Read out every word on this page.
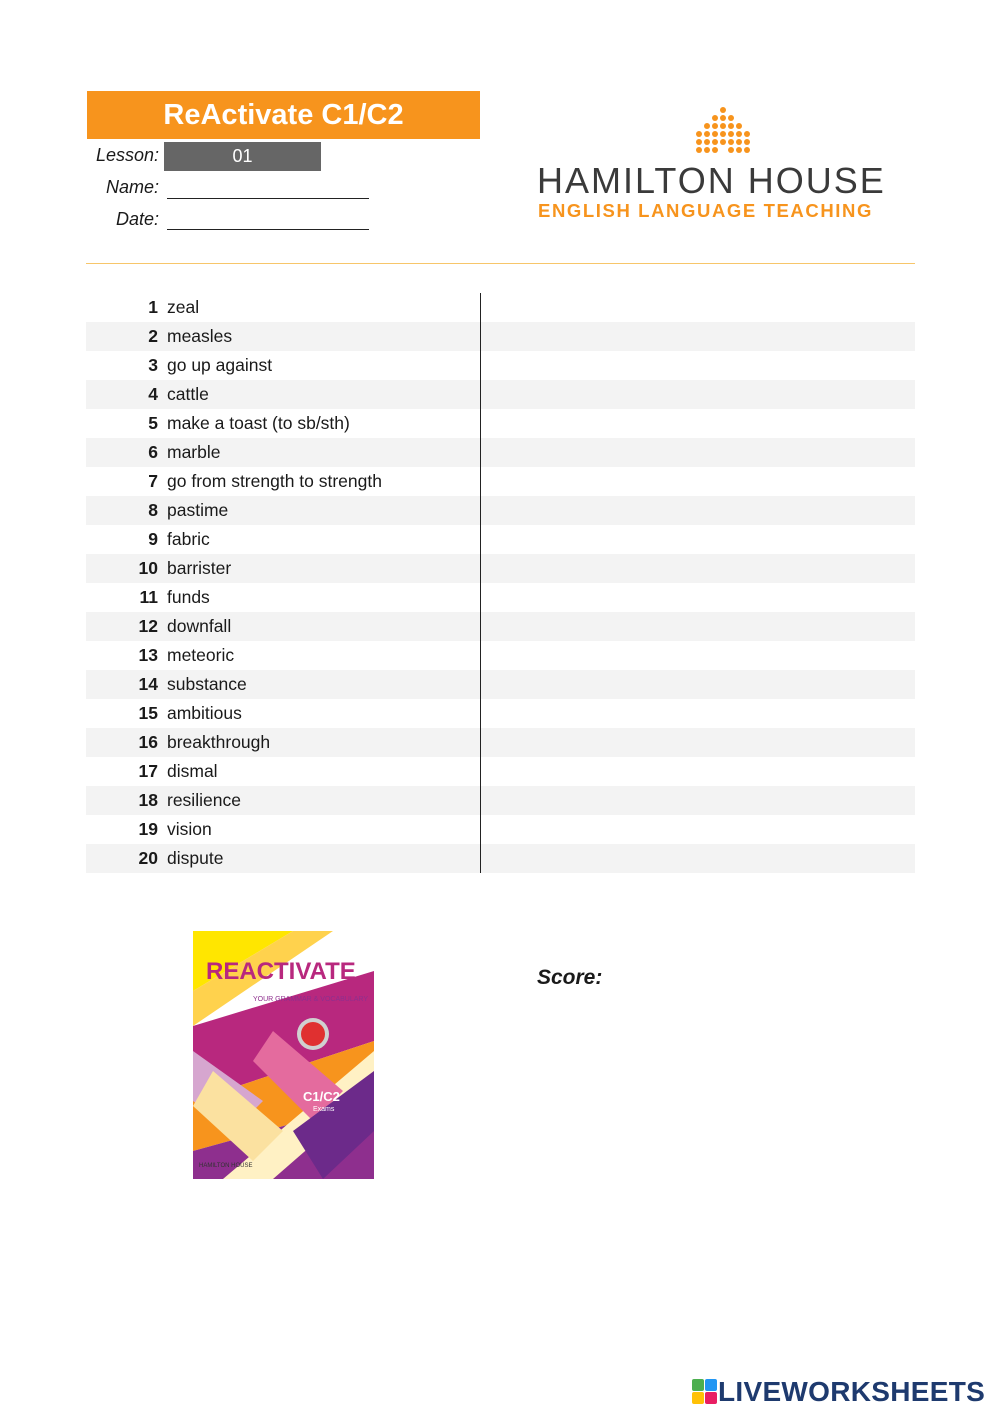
ReActivate C1/C2
Lesson:	01
Name:
Date:
HAMILTON HOUSE
ENGLISH LANGUAGE TEACHING
1 zeal
2 measles
3 go up against
4 cattle
5 make a toast (to sb/sth)
6 marble
7 go from strength to strength
8 pastime
9 fabric
10 barrister
11 funds
12 downfall
13 meteoric
14 substance
15 ambitious
16 breakthrough
17 dismal
18 resilience
19 vision
20 dispute
REACTIVATE
YOUR GRAMMAR & VOCABULARY
C1/C2
Exams
HAMILTON HOUSE
Score:
LIVEWORKSHEETS
